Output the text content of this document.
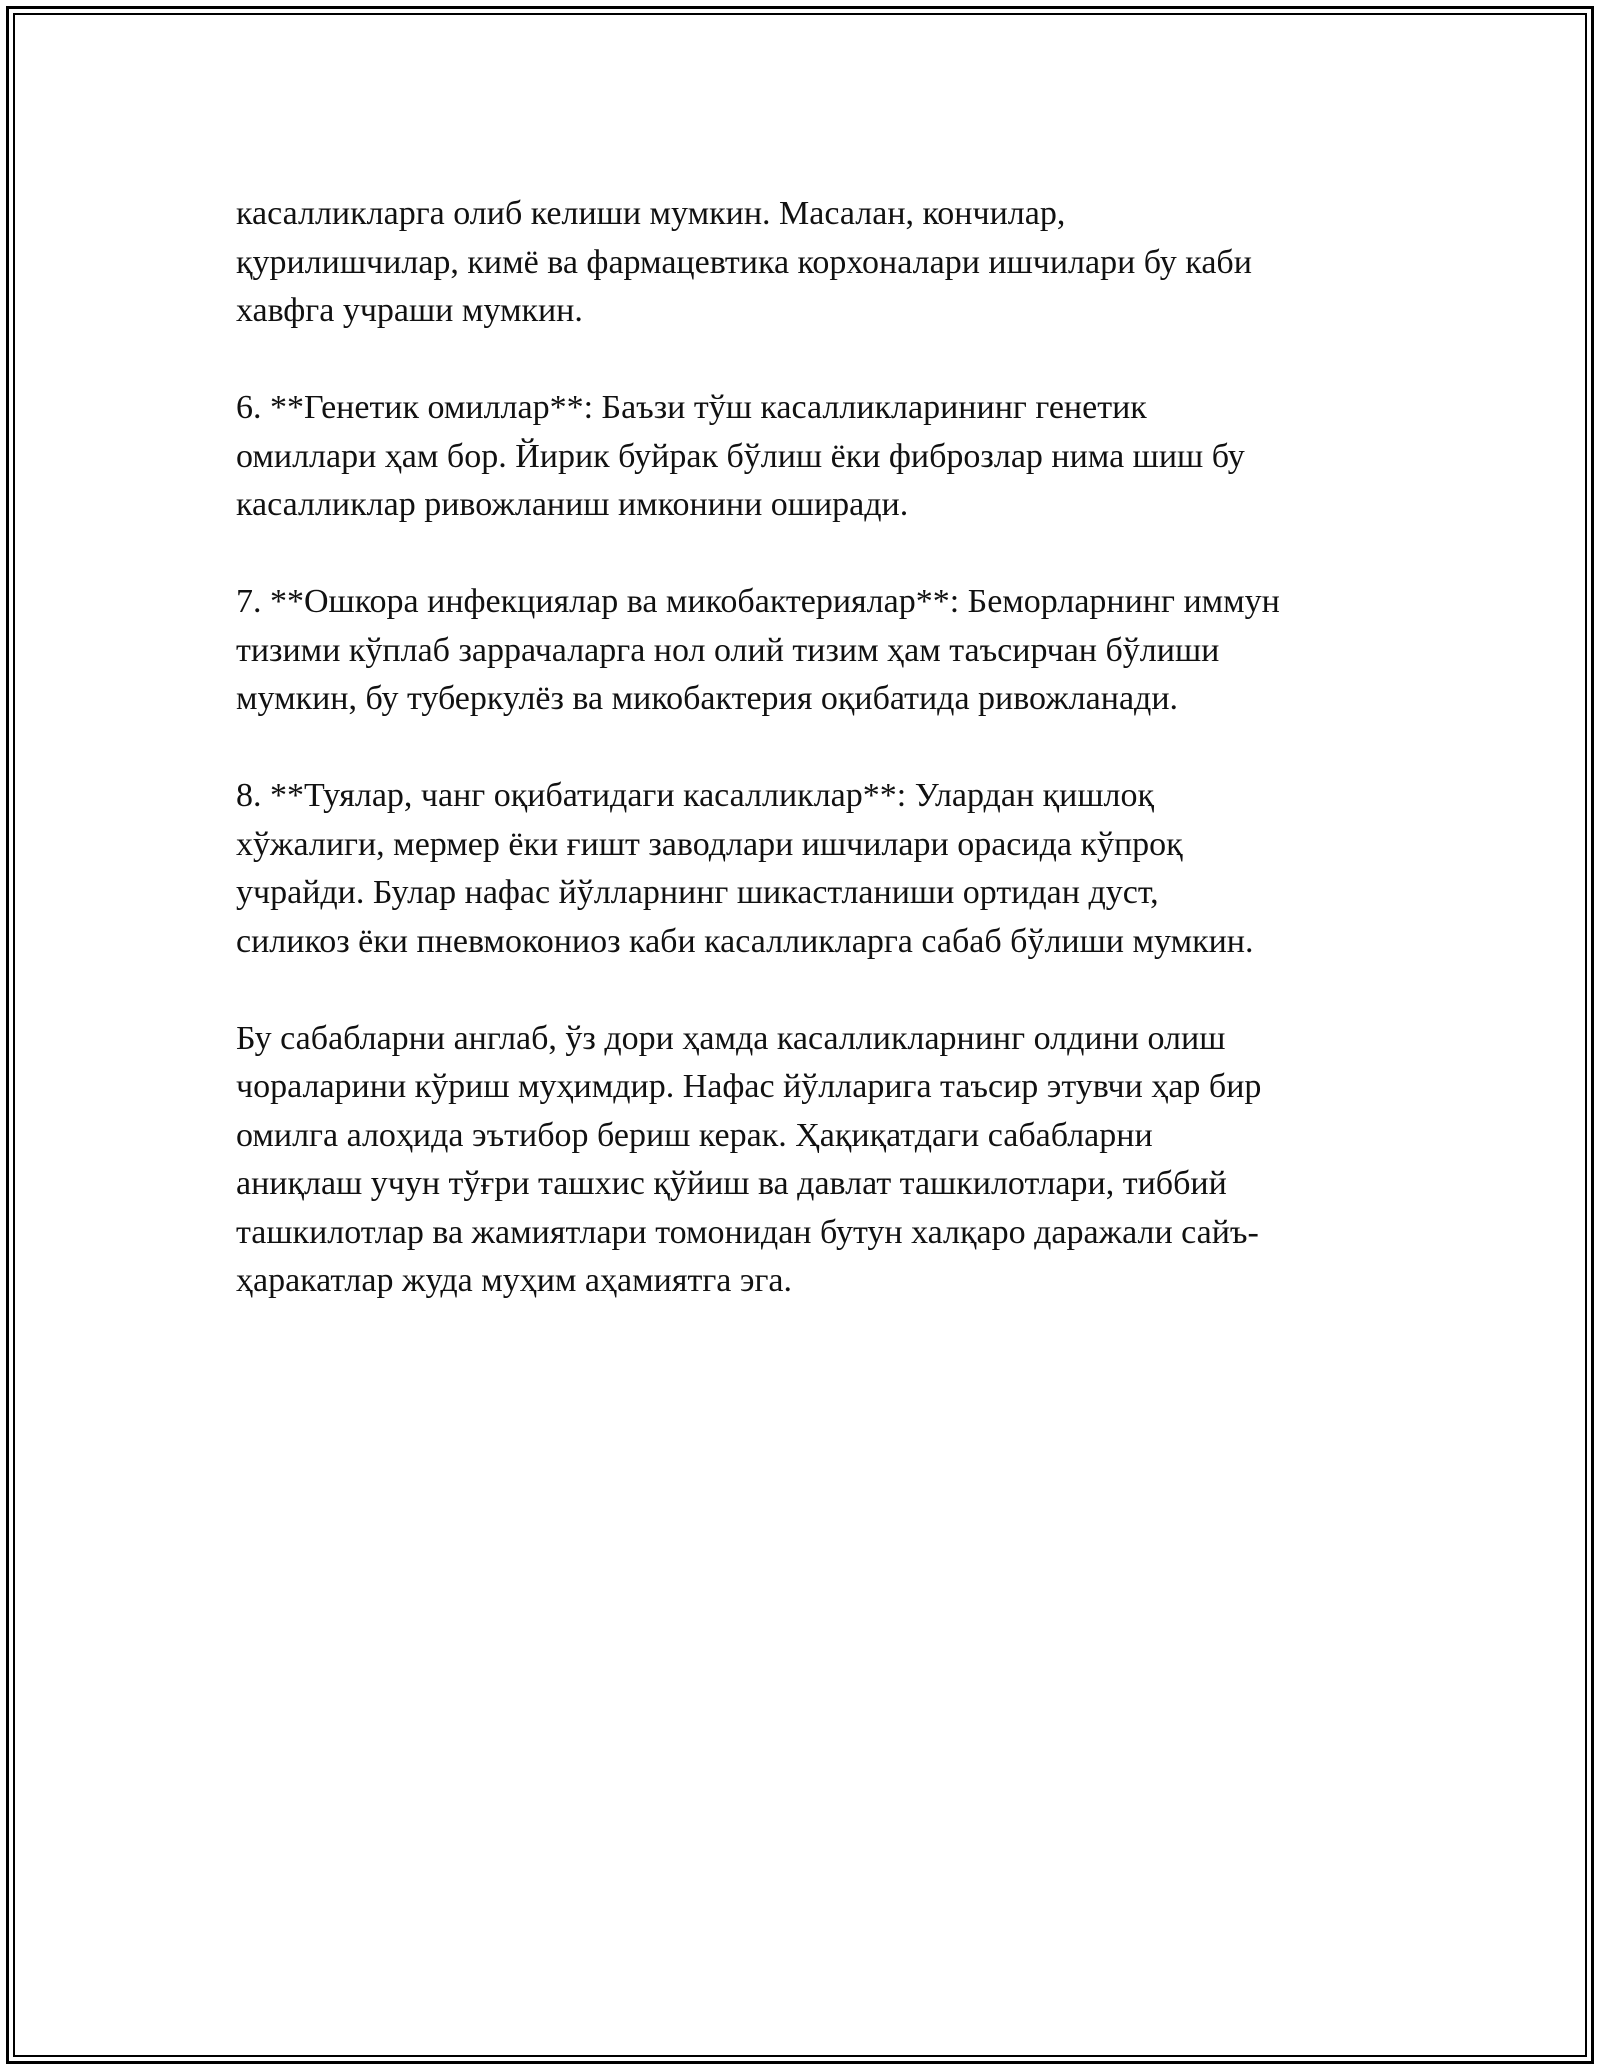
касалликларга олиб келиши мумкин. Масалан, кончилар,
қурилишчилар, кимё ва фармацевтика корхоналари ишчилари бу каби
хавфга учраши мумкин.

6. **Генетик омиллар**: Баъзи тўш касалликларининг генетик
омиллари ҳам бор. Йирик буйрак бўлиш ёки фиброзлар нима шиш бу
касалликлар ривожланиш имконини оширади.

7. **Ошкора инфекциялар ва микобактериялар**: Беморларнинг иммун
тизими кўплаб заррачаларга нол олий тизим ҳам таъсирчан бўлиши
мумкин, бу туберкулёз ва микобактерия оқибатида ривожланади.

8. **Туялар, чанг оқибатидаги касалликлар**: Улардан қишлоқ
хўжалиги, мермер ёки ғишт заводлари ишчилари орасида кўпроқ
учрайди. Булар нафас йўлларнинг шикастланиши ортидан дуст,
силикоз ёки пневмокониоз каби касалликларга сабаб бўлиши мумкин.

Бу сабабларни англаб, ўз дори ҳамда касалликларнинг олдини олиш
чораларини кўриш муҳимдир. Нафас йўлларига таъсир этувчи ҳар бир
омилга алоҳида эътибор бериш керак. Ҳақиқатдаги сабабларни
аниқлаш учун тўғри ташхис қўйиш ва давлат ташкилотлари, тиббий
ташкилотлар ва жамиятлари томонидан бутун халқаро даражали сайъ-
ҳаракатлар жуда муҳим аҳамиятга эга.
